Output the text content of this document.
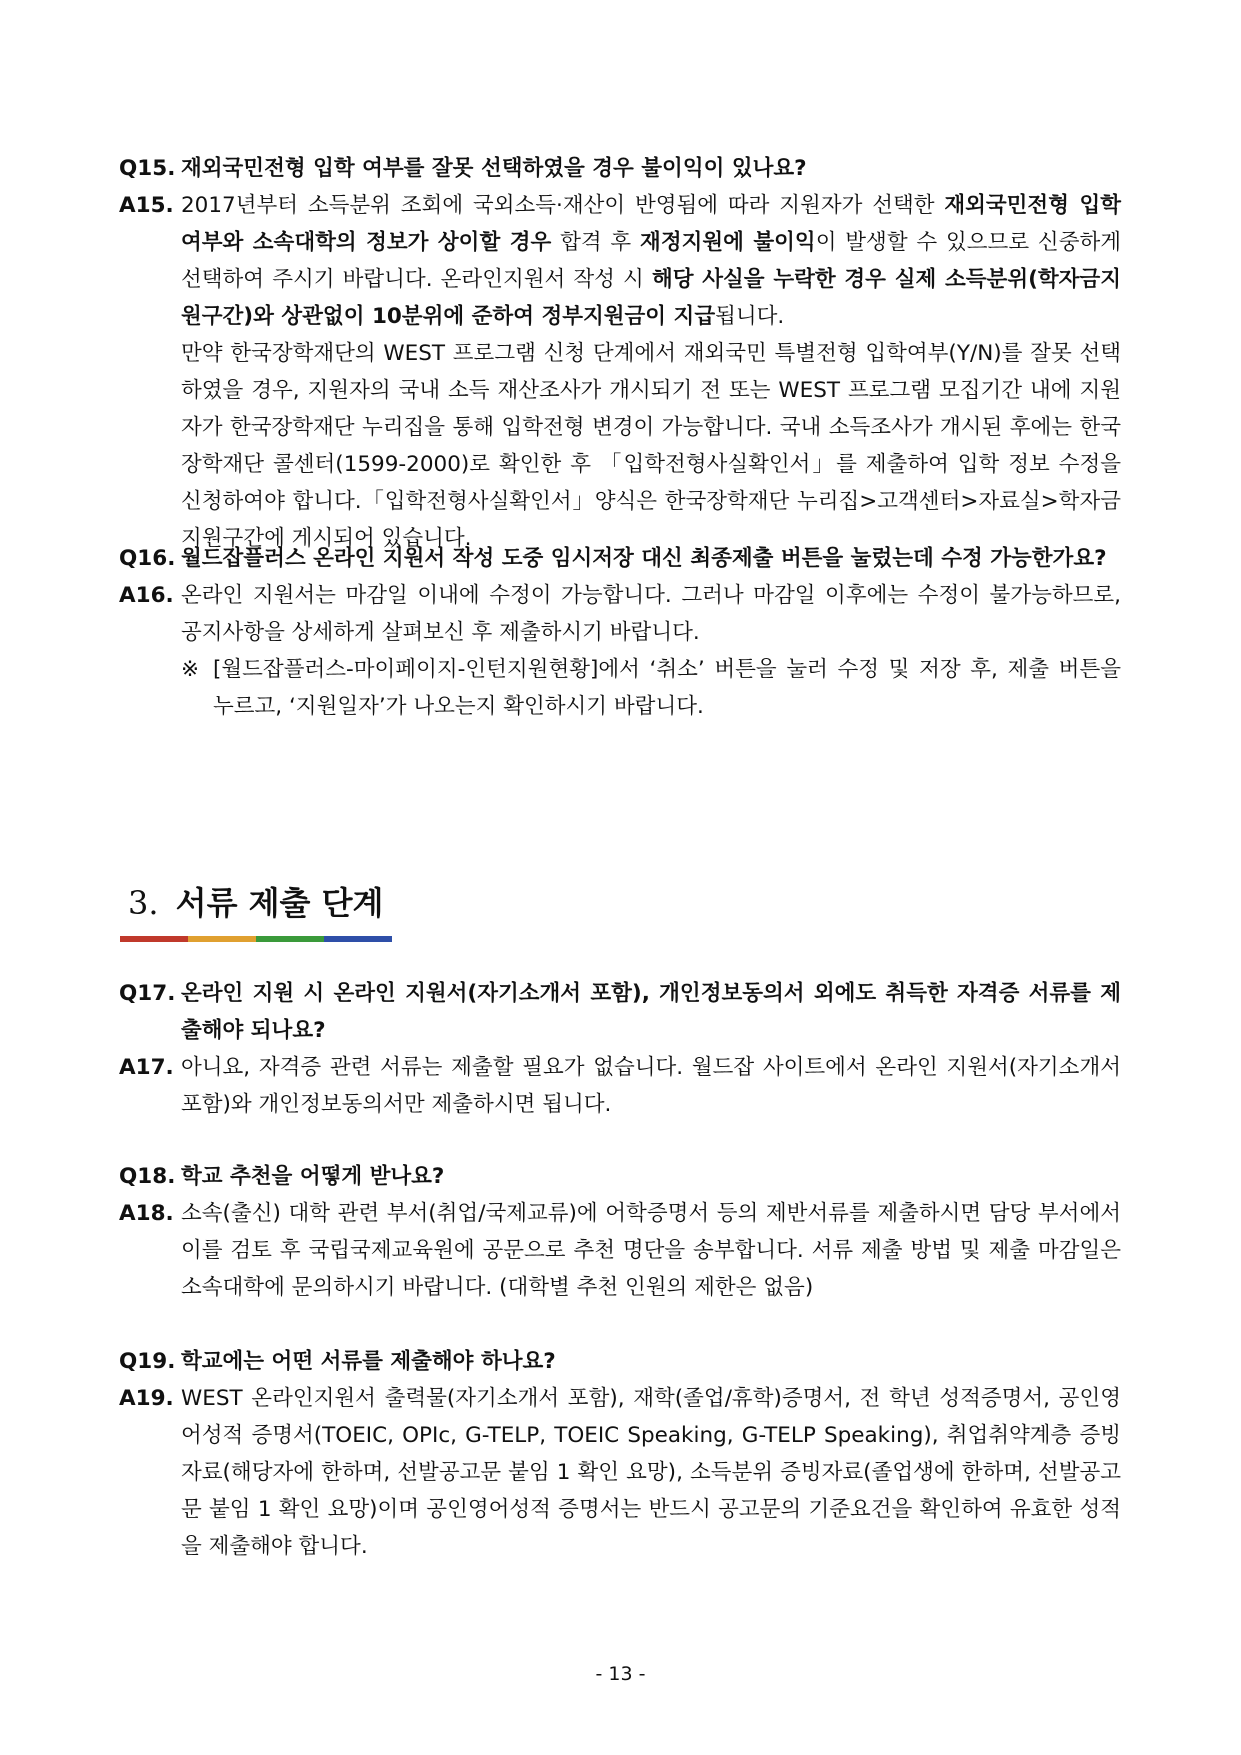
Q15. 재외국민전형 입학 여부를 잘못 선택하였을 경우 불이익이 있나요?
A15. 2017년부터 소득분위 조회에 국외소득·재산이 반영됨에 따라 지원자가 선택한 재외국민전형 입학 여부와 소속대학의 정보가 상이할 경우 합격 후 재정지원에 불이익이 발생할 수 있으므로 신중하게 선택하여 주시기 바랍니다. 온라인지원서 작성 시 해당 사실을 누락한 경우 실제 소득분위(학자금지원구간)와 상관없이 10분위에 준하여 정부지원금이 지급됩니다.
만약 한국장학재단의 WEST 프로그램 신청 단계에서 재외국민 특별전형 입학여부(Y/N)를 잘못 선택하였을 경우, 지원자의 국내 소득 재산조사가 개시되기 전 또는 WEST 프로그램 모집기간 내에 지원자가 한국장학재단 누리집을 통해 입학전형 변경이 가능합니다. 국내 소득조사가 개시된 후에는 한국장학재단 콜센터(1599-2000)로 확인한 후 「입학전형사실확인서」를 제출하여 입학 정보 수정을 신청하여야 합니다.「입학전형사실확인서」양식은 한국장학재단 누리집>고객센터>자료실>학자금 지원구간에 게시되어 있습니다.
Q16. 월드잡플러스 온라인 지원서 작성 도중 임시저장 대신 최종제출 버튼을 눌렀는데 수정 가능한가요?
A16. 온라인 지원서는 마감일 이내에 수정이 가능합니다. 그러나 마감일 이후에는 수정이 불가능하므로, 공지사항을 상세하게 살펴보신 후 제출하시기 바랍니다.
※ [월드잡플러스-마이페이지-인턴지원현황]에서 ‘취소’ 버튼을 눌러 수정 및 저장 후, 제출 버튼을 누르고, ‘지원일자’가 나오는지 확인하시기 바랍니다.
3. 서류 제출 단계
Q17. 온라인 지원 시 온라인 지원서(자기소개서 포함), 개인정보동의서 외에도 취득한 자격증 서류를 제출해야 되나요?
A17. 아니요, 자격증 관련 서류는 제출할 필요가 없습니다. 월드잡 사이트에서 온라인 지원서(자기소개서 포함)와 개인정보동의서만 제출하시면 됩니다.
Q18. 학교 추천을 어떻게 받나요?
A18. 소속(출신) 대학 관련 부서(취업/국제교류)에 어학증명서 등의 제반서류를 제출하시면 담당 부서에서 이를 검토 후 국립국제교육원에 공문으로 추천 명단을 송부합니다. 서류 제출 방법 및 제출 마감일은 소속대학에 문의하시기 바랍니다. (대학별 추천 인원의 제한은 없음)
Q19. 학교에는 어떤 서류를 제출해야 하나요?
A19. WEST 온라인지원서 출력물(자기소개서 포함), 재학(졸업/휴학)증명서, 전 학년 성적증명서, 공인영어성적 증명서(TOEIC, OPIc, G-TELP, TOEIC Speaking, G-TELP Speaking), 취업취약계층 증빙자료(해당자에 한하며, 선발공고문 붙임 1 확인 요망), 소득분위 증빙자료(졸업생에 한하며, 선발공고문 붙임 1 확인 요망)이며 공인영어성적 증명서는 반드시 공고문의 기준요건을 확인하여 유효한 성적을 제출해야 합니다.
- 13 -
